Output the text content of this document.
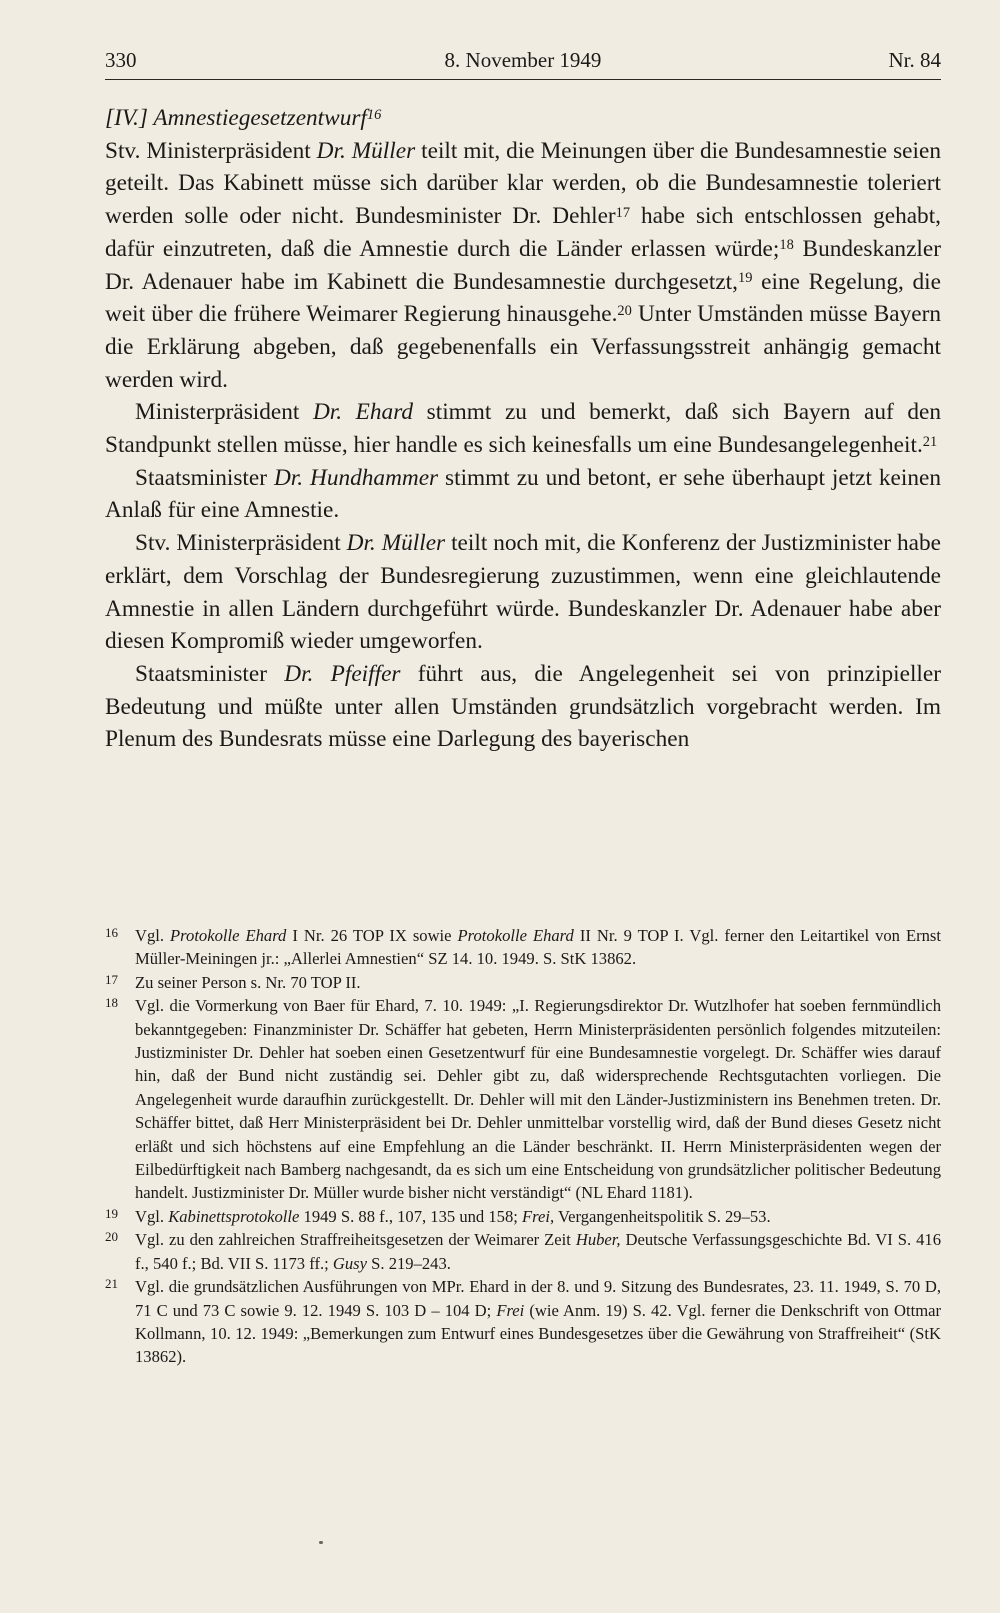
330	8. November 1949	Nr. 84

[IV.] Amnestiegesetzentwurf$^{16}$

Stv. Ministerpräsident Dr. Müller teilt mit, die Meinungen über die Bundesamnestie seien geteilt. Das Kabinett müsse sich darüber klar werden, ob die Bundesamnestie toleriert werden solle oder nicht. Bundesminister Dr. Dehler$^{17}$ habe sich entschlossen gehabt, dafür einzutreten, daß die Amnestie durch die Länder erlassen würde;$^{18}$ Bundeskanzler Dr. Adenauer habe im Kabinett die Bundesamnestie durchgesetzt,$^{19}$ eine Regelung, die weit über die frühere Weimarer Regierung hinausgehe.$^{20}$ Unter Umständen müsse Bayern die Erklärung abgeben, daß gegebenenfalls ein Verfassungsstreit anhängig gemacht werden wird.

Ministerpräsident Dr. Ehard stimmt zu und bemerkt, daß sich Bayern auf den Standpunkt stellen müsse, hier handle es sich keinesfalls um eine Bundesangelegenheit.$^{21}$

Staatsminister Dr. Hundhammer stimmt zu und betont, er sehe überhaupt jetzt keinen Anlaß für eine Amnestie.

Stv. Ministerpräsident Dr. Müller teilt noch mit, die Konferenz der Justizminister habe erklärt, dem Vorschlag der Bundesregierung zuzustimmen, wenn eine gleichlautende Amnestie in allen Ländern durchgeführt würde. Bundeskanzler Dr. Adenauer habe aber diesen Kompromiß wieder umgeworfen.

Staatsminister Dr. Pfeiffer führt aus, die Angelegenheit sei von prinzipieller Bedeutung und müßte unter allen Umständen grundsätzlich vorgebracht werden. Im Plenum des Bundesrats müsse eine Darlegung des bayerischen

16 Vgl. Protokolle Ehard I Nr. 26 TOP IX sowie Protokolle Ehard II Nr. 9 TOP I. Vgl. ferner den Leitartikel von Ernst Müller-Meiningen jr.: „Allerlei Amnestien“ SZ 14. 10. 1949. S. StK 13862.

17 Zu seiner Person s. Nr. 70 TOP II.

18 Vgl. die Vormerkung von Baer für Ehard, 7. 10. 1949: „I. Regierungsdirektor Dr. Wutzlhofer hat soeben fernmündlich bekanntgegeben: Finanzminister Dr. Schäffer hat gebeten, Herrn Ministerpräsidenten persönlich folgendes mitzuteilen: Justizminister Dr. Dehler hat soeben einen Gesetzentwurf für eine Bundesamnestie vorgelegt. Dr. Schäffer wies darauf hin, daß der Bund nicht zuständig sei. Dehler gibt zu, daß widersprechende Rechtsgutachten vorliegen. Die Angelegenheit wurde daraufhin zurückgestellt. Dr. Dehler will mit den Länder-Justizministern ins Benehmen treten. Dr. Schäffer bittet, daß Herr Ministerpräsident bei Dr. Dehler unmittelbar vorstellig wird, daß der Bund dieses Gesetz nicht erläßt und sich höchstens auf eine Empfehlung an die Länder beschränkt. II. Herrn Ministerpräsidenten wegen der Eilbedürftigkeit nach Bamberg nachgesandt, da es sich um eine Entscheidung von grundsätzlicher politischer Bedeutung handelt. Justizminister Dr. Müller wurde bisher nicht verständigt“ (NL Ehard 1181).

19 Vgl. Kabinettsprotokolle 1949 S. 88 f., 107, 135 und 158; Frei, Vergangenheitspolitik S. 29–53.

20 Vgl. zu den zahlreichen Straffreiheitsgesetzen der Weimarer Zeit Huber, Deutsche Verfassungsgeschichte Bd. VI S. 416 f., 540 f.; Bd. VII S. 1173 ff.; Gusy S. 219–243.

21 Vgl. die grundsätzlichen Ausführungen von MPr. Ehard in der 8. und 9. Sitzung des Bundesrates, 23. 11. 1949, S. 70 D, 71 C und 73 C sowie 9. 12. 1949 S. 103 D – 104 D; Frei (wie Anm. 19) S. 42. Vgl. ferner die Denkschrift von Ottmar Kollmann, 10. 12. 1949: „Bemerkungen zum Entwurf eines Bundesgesetzes über die Gewährung von Straffreiheit“ (StK 13862).
